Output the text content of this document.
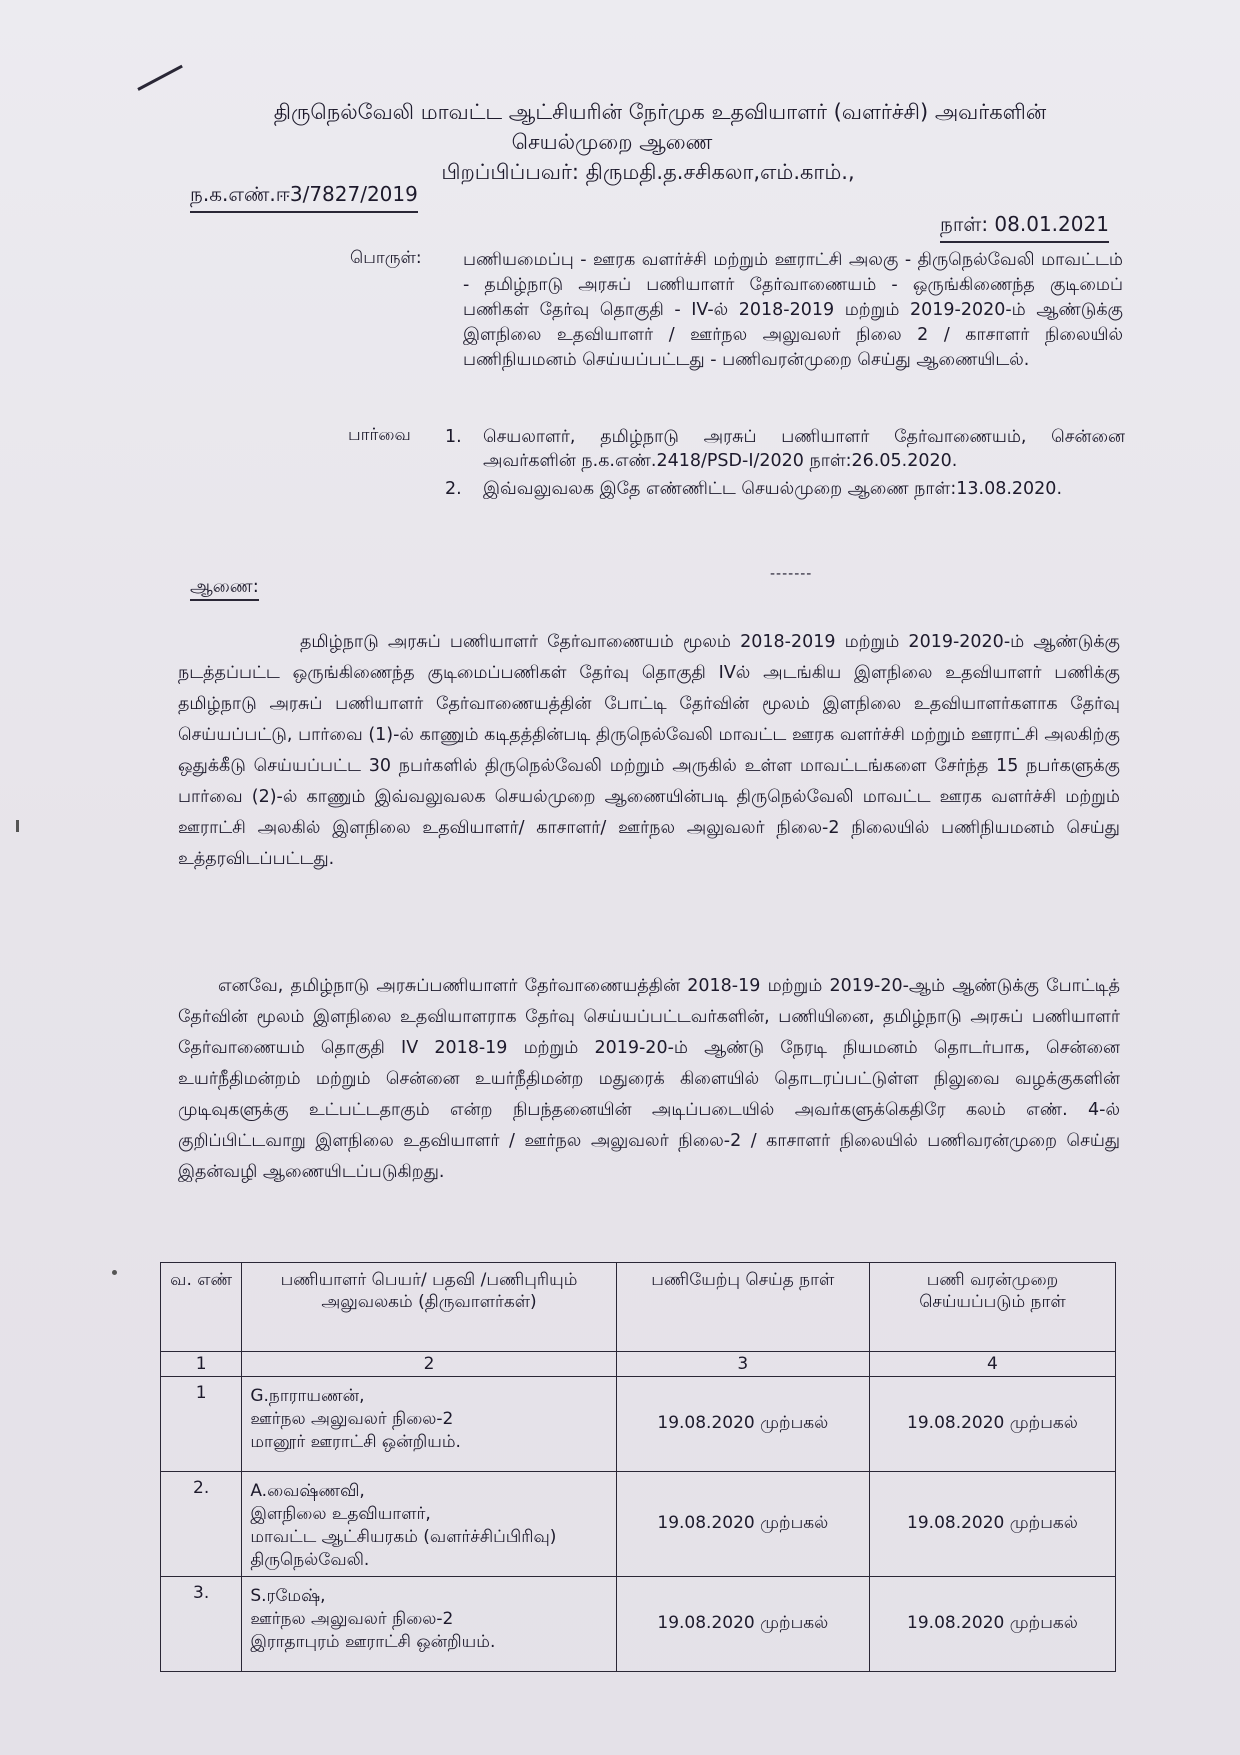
திருநெல்வேலி மாவட்ட ஆட்சியரின் நேர்முக உதவியாளர் (வளர்ச்சி) அவர்களின்
செயல்முறை ஆணை
பிறப்பிப்பவர்: திருமதி.த.சசிகலா,எம்.காம்.,
ந.க.எண்.ஈ3/7827/2019
நாள்: 08.01.2021
பொருள்: பணியமைப்பு - ஊரக வளர்ச்சி மற்றும் ஊராட்சி அலகு - திருநெல்வேலி மாவட்டம் - தமிழ்நாடு அரசுப் பணியாளர் தேர்வாணையம் - ஒருங்கிணைந்த குடிமைப் பணிகள் தேர்வு தொகுதி - IV-ல் 2018-2019 மற்றும் 2019-2020-ம் ஆண்டுக்கு இளநிலை உதவியாளர் / ஊர்நல அலுவலர் நிலை 2 / காசாளர் நிலையில் பணிநியமனம் செய்யப்பட்டது - பணிவரன்முறை செய்து ஆணையிடல்.
பார்வை 1.	செயலாளர், தமிழ்நாடு அரசுப் பணியாளர் தேர்வாணையம், சென்னை அவர்களின் ந.க.எண்.2418/PSD-I/2020 நாள்:26.05.2020.
2.	இவ்வலுவலக இதே எண்ணிட்ட செயல்முறை ஆணை நாள்:13.08.2020.
-------
ஆணை:
தமிழ்நாடு அரசுப் பணியாளர் தேர்வாணையம் மூலம் 2018-2019 மற்றும் 2019-2020-ம் ஆண்டுக்கு நடத்தப்பட்ட ஒருங்கிணைந்த குடிமைப்பணிகள் தேர்வு தொகுதி IVல் அடங்கிய இளநிலை உதவியாளர் பணிக்கு தமிழ்நாடு அரசுப் பணியாளர் தேர்வாணையத்தின் போட்டி தேர்வின் மூலம் இளநிலை உதவியாளர்களாக தேர்வு செய்யப்பட்டு, பார்வை (1)-ல் காணும் கடிதத்தின்படி திருநெல்வேலி மாவட்ட ஊரக வளர்ச்சி மற்றும் ஊராட்சி அலகிற்கு ஒதுக்கீடு செய்யப்பட்ட 30 நபர்களில் திருநெல்வேலி மற்றும் அருகில் உள்ள மாவட்டங்களை சேர்ந்த 15 நபர்களுக்கு பார்வை (2)-ல் காணும் இவ்வலுவலக செயல்முறை ஆணையின்படி திருநெல்வேலி மாவட்ட ஊரக வளர்ச்சி மற்றும் ஊராட்சி அலகில் இளநிலை உதவியாளர்/ காசாளர்/ ஊர்நல அலுவலர் நிலை-2 நிலையில் பணிநியமனம் செய்து உத்தரவிடப்பட்டது.
எனவே, தமிழ்நாடு அரசுப்பணியாளர் தேர்வாணையத்தின் 2018-19 மற்றும் 2019-20-ஆம் ஆண்டுக்கு போட்டித் தேர்வின் மூலம் இளநிலை உதவியாளராக தேர்வு செய்யப்பட்டவர்களின், பணியினை, தமிழ்நாடு அரசுப் பணியாளர் தேர்வாணையம் தொகுதி IV 2018-19 மற்றும் 2019-20-ம் ஆண்டு நேரடி நியமனம் தொடர்பாக, சென்னை உயர்நீதிமன்றம் மற்றும் சென்னை உயர்நீதிமன்ற மதுரைக் கிளையில் தொடரப்பட்டுள்ள நிலுவை வழக்குகளின் முடிவுகளுக்கு உட்பட்டதாகும் என்ற நிபந்தனையின் அடிப்படையில் அவர்களுக்கெதிரே கலம் எண். 4-ல் குறிப்பிட்டவாறு இளநிலை உதவியாளர் / ஊர்நல அலுவலர் நிலை-2 / காசாளர் நிலையில் பணிவரன்முறை செய்து இதன்வழி ஆணையிடப்படுகிறது.
வ. எண்	பணியாளர் பெயர்/ பதவி /பணிபுரியும் அலுவலகம் (திருவாளர்கள்)	பணியேற்பு செய்த நாள்	பணி வரன்முறை செய்யப்படும் நாள்
1	2	3	4
1	G.நாராயணன்,
ஊர்நல அலுவலர் நிலை-2
மானூர் ஊராட்சி ஒன்றியம்.	19.08.2020 முற்பகல்	19.08.2020 முற்பகல்
2.	A.வைஷ்ணவி,
இளநிலை உதவியாளர்,
மாவட்ட ஆட்சியரகம் (வளர்ச்சிப்பிரிவு) திருநெல்வேலி.	19.08.2020 முற்பகல்	19.08.2020 முற்பகல்
3.	S.ரமேஷ்,
ஊர்நல அலுவலர் நிலை-2
இராதாபுரம் ஊராட்சி ஒன்றியம்.	19.08.2020 முற்பகல்	19.08.2020 முற்பகல்
